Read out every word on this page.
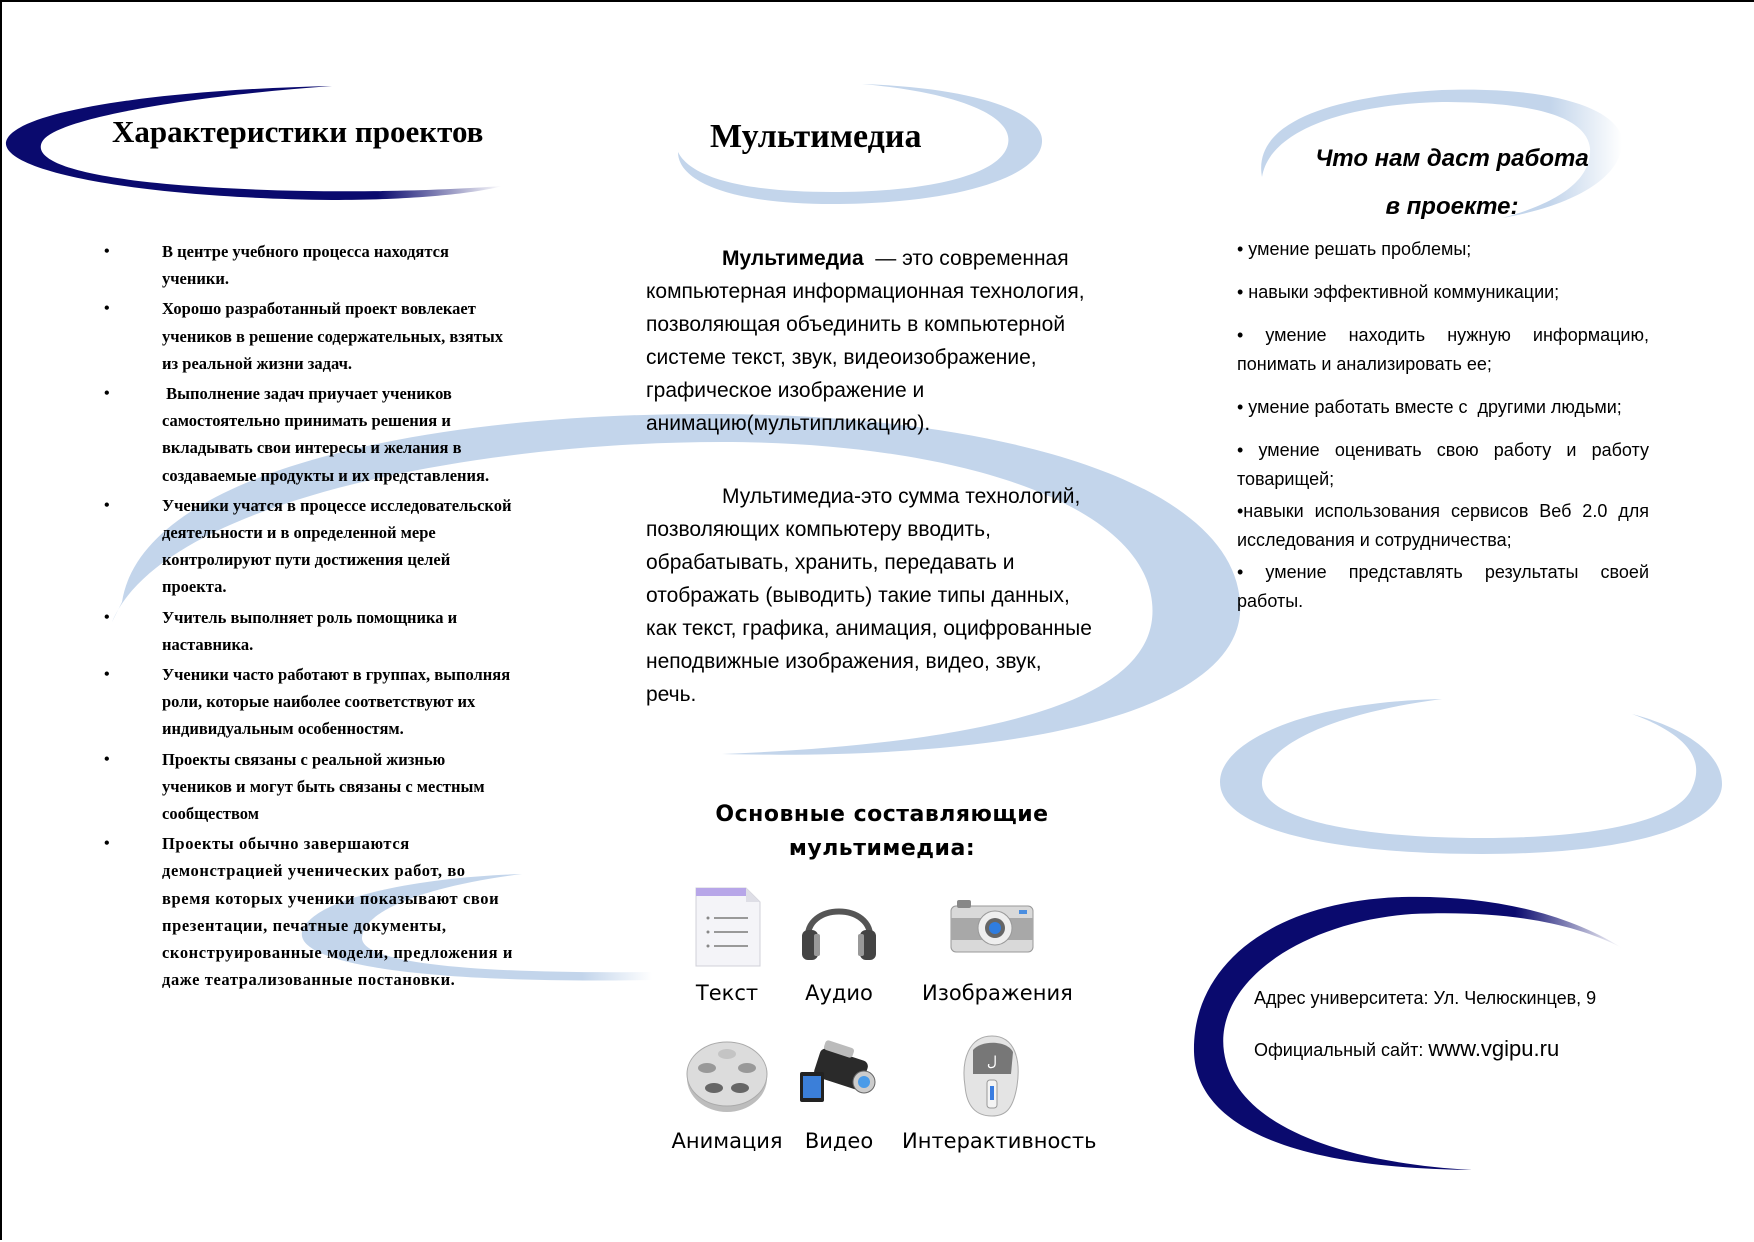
Характеристики проектов
•	В центре учебного процесса находятся ученики.
•	Хорошо разработанный проект вовлекает учеников в решение содержательных, взятых из реальной жизни задач.
•	Выполнение задач приучает учеников самостоятельно принимать решения и вкладывать свои интересы и желания в создаваемые продукты и их представления.
•	Ученики учатся в процессе исследовательской деятельности и в определенной мере контролируют пути достижения целей проекта.
•	Учитель выполняет роль помощника и наставника.
•	Ученики часто работают в группах, выполняя роли, которые наиболее соответствуют их индивидуальным особенностям.
•	Проекты связаны с реальной жизнью учеников и могут быть связаны с местным сообществом
•	Проекты обычно завершаются демонстрацией ученических работ, во время которых ученики показывают свои презентации, печатные документы, сконструированные модели, предложения и даже театрализованные постановки.
Мультимедиа

Мультимедиа  — это современная компьютерная информационная технология, позволяющая объединить в компьютерной системе текст, звук, видеоизображение, графическое изображение и анимацию(мультипликацию).

Мультимедиа-это сумма технологий, позволяющих компьютеру вводить, обрабатывать, хранить, передавать и отображать (выводить) такие типы данных, как текст, графика, анимация, оцифрованные неподвижные изображения, видео, звук, речь.

Основные составляющие
мультимедиа:
Текст	Аудио	Изображения
Анимация	Видео
ل
Интерактивность
Что нам даст работа
в проекте:
• умение решать проблемы;
• навыки эффективной коммуникации;
• умение находить нужную информацию, понимать и анализировать ее;
• умение работать вместе с  другими людьми;
• умение оценивать свою работу и работу товарищей;
•навыки использования сервисов Веб 2.0 для исследования и сотрудничества;
• умение представлять результаты своей работы.
Адрес университета: Ул. Челюскинцев, 9
Официальный сайт: www.vgipu.ru
